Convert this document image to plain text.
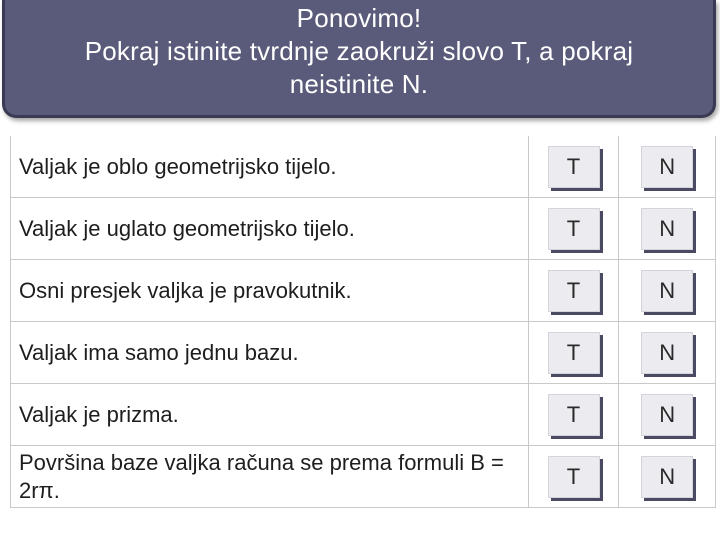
Ponovimo!
Pokraj istinite tvrdnje zaokruži slovo T, a pokraj
neistinite N.
Valjak je oblo geometrijsko tijelo.	T	N
Valjak je uglato geometrijsko tijelo.	T	N
Osni presjek valjka je pravokutnik.	T	N
Valjak ima samo jednu bazu.	T	N
Valjak je prizma.	T	N
Površina baze valjka računa se prema formuli B = 2rπ.	T	N
